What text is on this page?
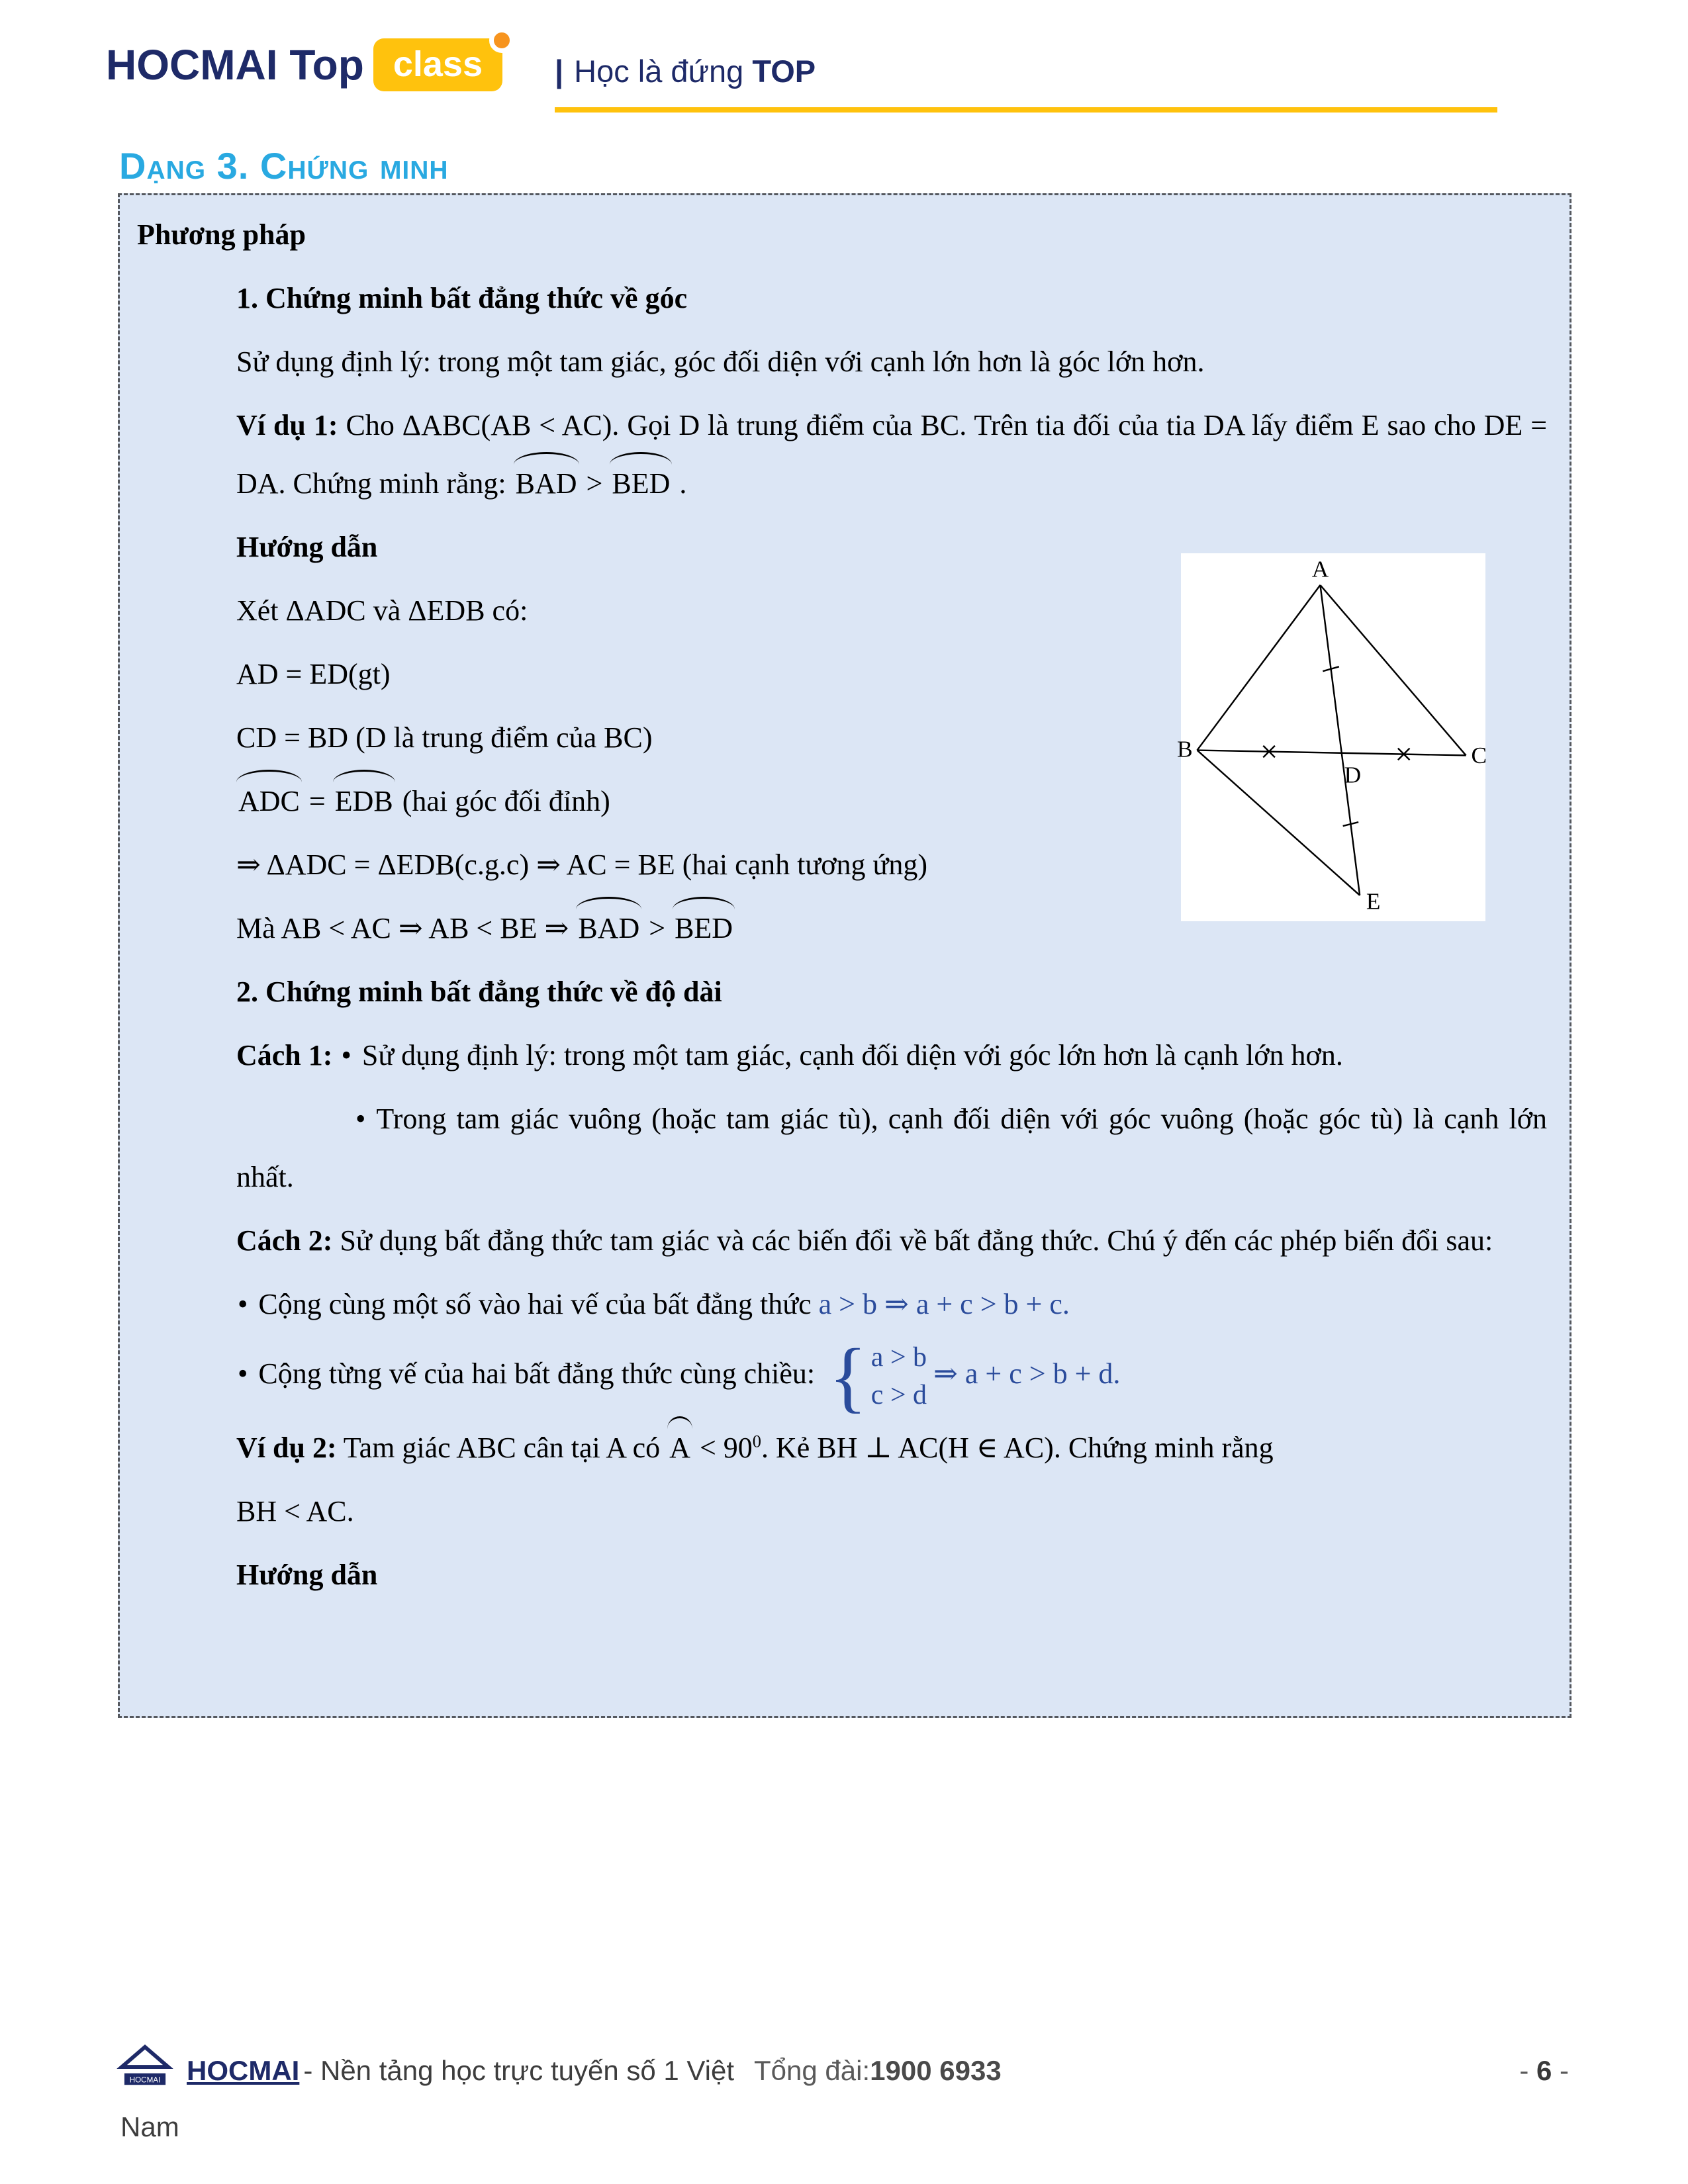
HOCMAI Top class	| Học là đứng TOP
Dạng 3. Chứng minh

Phương pháp

1. Chứng minh bất đẳng thức về góc

Sử dụng định lý: trong một tam giác, góc đối diện với cạnh lớn hơn là góc lớn hơn.

Ví dụ 1: Cho ΔABC(AB < AC). Gọi D là trung điểm của BC. Trên tia đối của tia DA lấy điểm E sao cho DE = DA. Chứng minh rằng: BAD > BED .

Hướng dẫn

Xét ΔADC và ΔEDB có:

AD = ED(gt)

CD = BD (D là trung điểm của BC)

ADC = EDB (hai góc đối đỉnh)

⇒ ΔADC = ΔEDB(c.g.c) ⇒ AC = BE (hai cạnh tương ứng)

Mà AB < AC ⇒ AB < BE ⇒ BAD > BED

2. Chứng minh bất đẳng thức về độ dài

Cách 1: • Sử dụng định lý: trong một tam giác, cạnh đối diện với góc lớn hơn là cạnh lớn hơn.

• Trong tam giác vuông (hoặc tam giác tù), cạnh đối diện với góc vuông (hoặc góc tù) là cạnh lớn nhất.

Cách 2: Sử dụng bất đẳng thức tam giác và các biến đổi về bất đẳng thức. Chú ý đến các phép biến đổi sau:

• Cộng cùng một số vào hai vế của bất đẳng thức a > b ⇒ a + c > b + c.

• Cộng từng vế của hai bất đẳng thức cùng chiều: { a > b
c > d
⇒ a + c > b + d.

Ví dụ 2: Tam giác ABC cân tại A có $A < 90^0$. Kẻ BH ⊥ AC(H ∈ AC). Chứng minh rằng

BH < AC.

Hướng dẫn

A
B	C
D
E
HOCMAI HOCMAI - Nền tảng học trực tuyến số 1 Việt Tổng đài: 1900 6933	- 6 -
Nam
